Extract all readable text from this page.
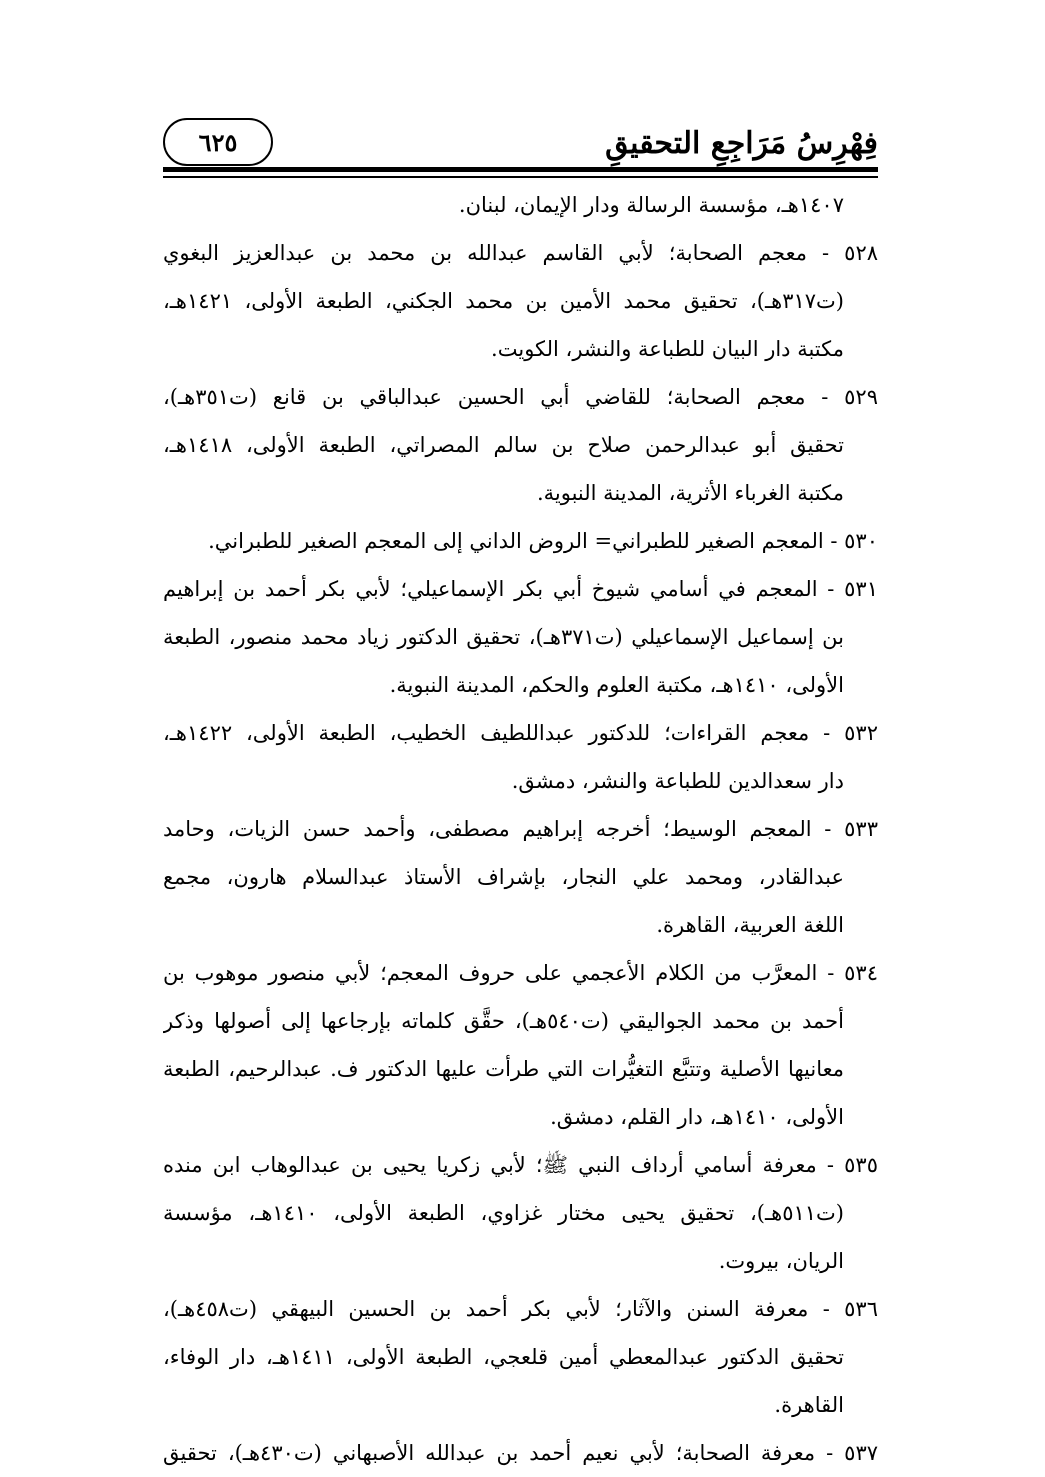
فِهْرِسُ مَرَاجِعِ التحقيقِ
٦٢٥
١٤٠٧هـ، مؤسسة الرسالة ودار الإيمان، لبنان.
٥٢٨ - معجم الصحابة؛ لأبي القاسم عبدالله بن محمد بن عبدالعزيز البغوي
(ت٣١٧هـ)، تحقيق محمد الأمين بن محمد الجكني، الطبعة الأولى، ١٤٢١هـ،
مكتبة دار البيان للطباعة والنشر، الكويت.
٥٢٩ - معجم الصحابة؛ للقاضي أبي الحسين عبدالباقي بن قانع (ت٣٥١هـ)،
تحقيق أبو عبدالرحمن صلاح بن سالم المصراتي، الطبعة الأولى، ١٤١٨هـ،
مكتبة الغرباء الأثرية، المدينة النبوية.
٥٣٠ - المعجم الصغير للطبراني= الروض الداني إلى المعجم الصغير للطبراني.
٥٣١ - المعجم في أسامي شيوخ أبي بكر الإسماعيلي؛ لأبي بكر أحمد بن إبراهيم
بن إسماعيل الإسماعيلي (ت٣٧١هـ)، تحقيق الدكتور زياد محمد منصور، الطبعة
الأولى، ١٤١٠هـ، مكتبة العلوم والحكم، المدينة النبوية.
٥٣٢ - معجم القراءات؛ للدكتور عبداللطيف الخطيب، الطبعة الأولى، ١٤٢٢هـ،
دار سعدالدين للطباعة والنشر، دمشق.
٥٣٣ - المعجم الوسيط؛ أخرجه إبراهيم مصطفى، وأحمد حسن الزيات، وحامد
عبدالقادر، ومحمد علي النجار، بإشراف الأستاذ عبدالسلام هارون، مجمع
اللغة العربية، القاهرة.
٥٣٤ - المعرَّب من الكلام الأعجمي على حروف المعجم؛ لأبي منصور موهوب بن
أحمد بن محمد الجواليقي (ت٥٤٠هـ)، حقَّق كلماته بإرجاعها إلى أصولها وذكر
معانيها الأصلية وتتبَّع التغيُّرات التي طرأت عليها الدكتور ف. عبدالرحيم، الطبعة
الأولى، ١٤١٠هـ، دار القلم، دمشق.
٥٣٥ - معرفة أسامي أرداف النبي ﷺ؛ لأبي زكريا يحيى بن عبدالوهاب ابن منده
(ت٥١١هـ)، تحقيق يحيى مختار غزاوي، الطبعة الأولى، ١٤١٠هـ، مؤسسة
الريان، بيروت.
٥٣٦ - معرفة السنن والآثار؛ لأبي بكر أحمد بن الحسين البيهقي (ت٤٥٨هـ)،
تحقيق الدكتور عبدالمعطي أمين قلعجي، الطبعة الأولى، ١٤١١هـ، دار الوفاء،
القاهرة.
٥٣٧ - معرفة الصحابة؛ لأبي نعيم أحمد بن عبدالله الأصبهاني (ت٤٣٠هـ)، تحقيق
